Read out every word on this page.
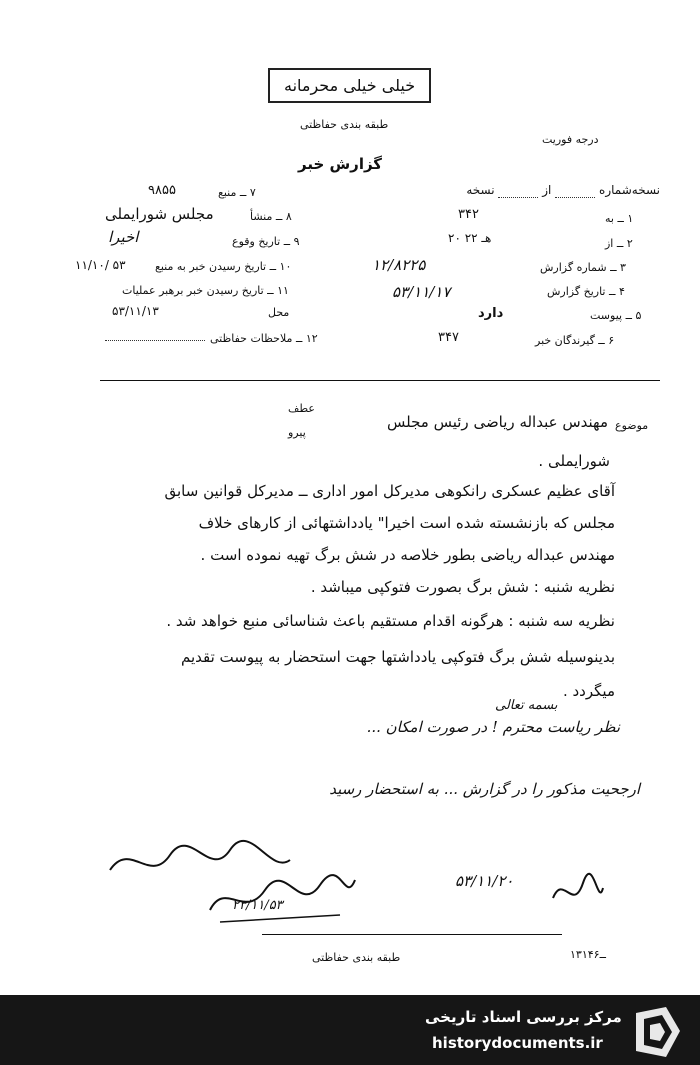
خیلی خیلی محرمانه
طبقه بندی حفاظتی
درجه فوریت
گزارش خبر
نسخه‌شماره   از   نسخه
۷ ــ منبع
۹۸۵۵
۸ ــ منشأ
مجلس شورایملی
۹ ــ تاریخ وقوع
اخیرا
۱۰ ــ تاریخ رسیدن خبر به منبع
۱۱/۱۰/ ۵۳
۱۱ ــ تاریخ رسیدن خبر برهبر عملیات
محل
۵۳/۱۱/۱۳
۱۲ ــ ملاحظات حفاظتی
۱ ــ به
۳۴۲
۲ ــ از
۲۰ هـ ۲۲
۳ ــ شماره گزارش
۱۲/۸۲۲۵
۴ ــ تاریخ گزارش
۵۳/۱۱/۱۷
۵ ــ پیوست
دارد
۶ ــ گیرندگان خبر
۳۴۷
عطف
پیرو
موضوع
مهندس عبداله ریاضی رئیس مجلس
شورایملی .
آقای عظیم عسکری رانکوهی مدیرکل امور اداری ــ مدیرکل قوانین سابق
مجلس که بازنشسته شده است اخیرا" یادداشتهائی از کارهای خلاف
مهندس عبداله ریاضی بطور خلاصه در شش برگ تهیه نموده است .
نظریه شنبه : شش برگ بصورت فتوکپی میباشد .
نظریه سه شنبه : هرگونه اقدام مستقیم باعث شناسائی منبع خواهد شد .
بدینوسیله شش برگ فتوکپی یادداشتها جهت استحضار به پیوست تقدیم
میگردد .
بسمه تعالی
نظر ریاست محترم ! در صورت امکان ...
ارجحیت مذکور را در گزارش ... به استحضار رسید
۵۳/۱۱/۲۰
۲۳/۱۱/۵۳
۱۳۱ــ۴۶
طبقه بندی حفاظتی
مرکز بررسی اسناد تاریخی
historydocuments.ir
